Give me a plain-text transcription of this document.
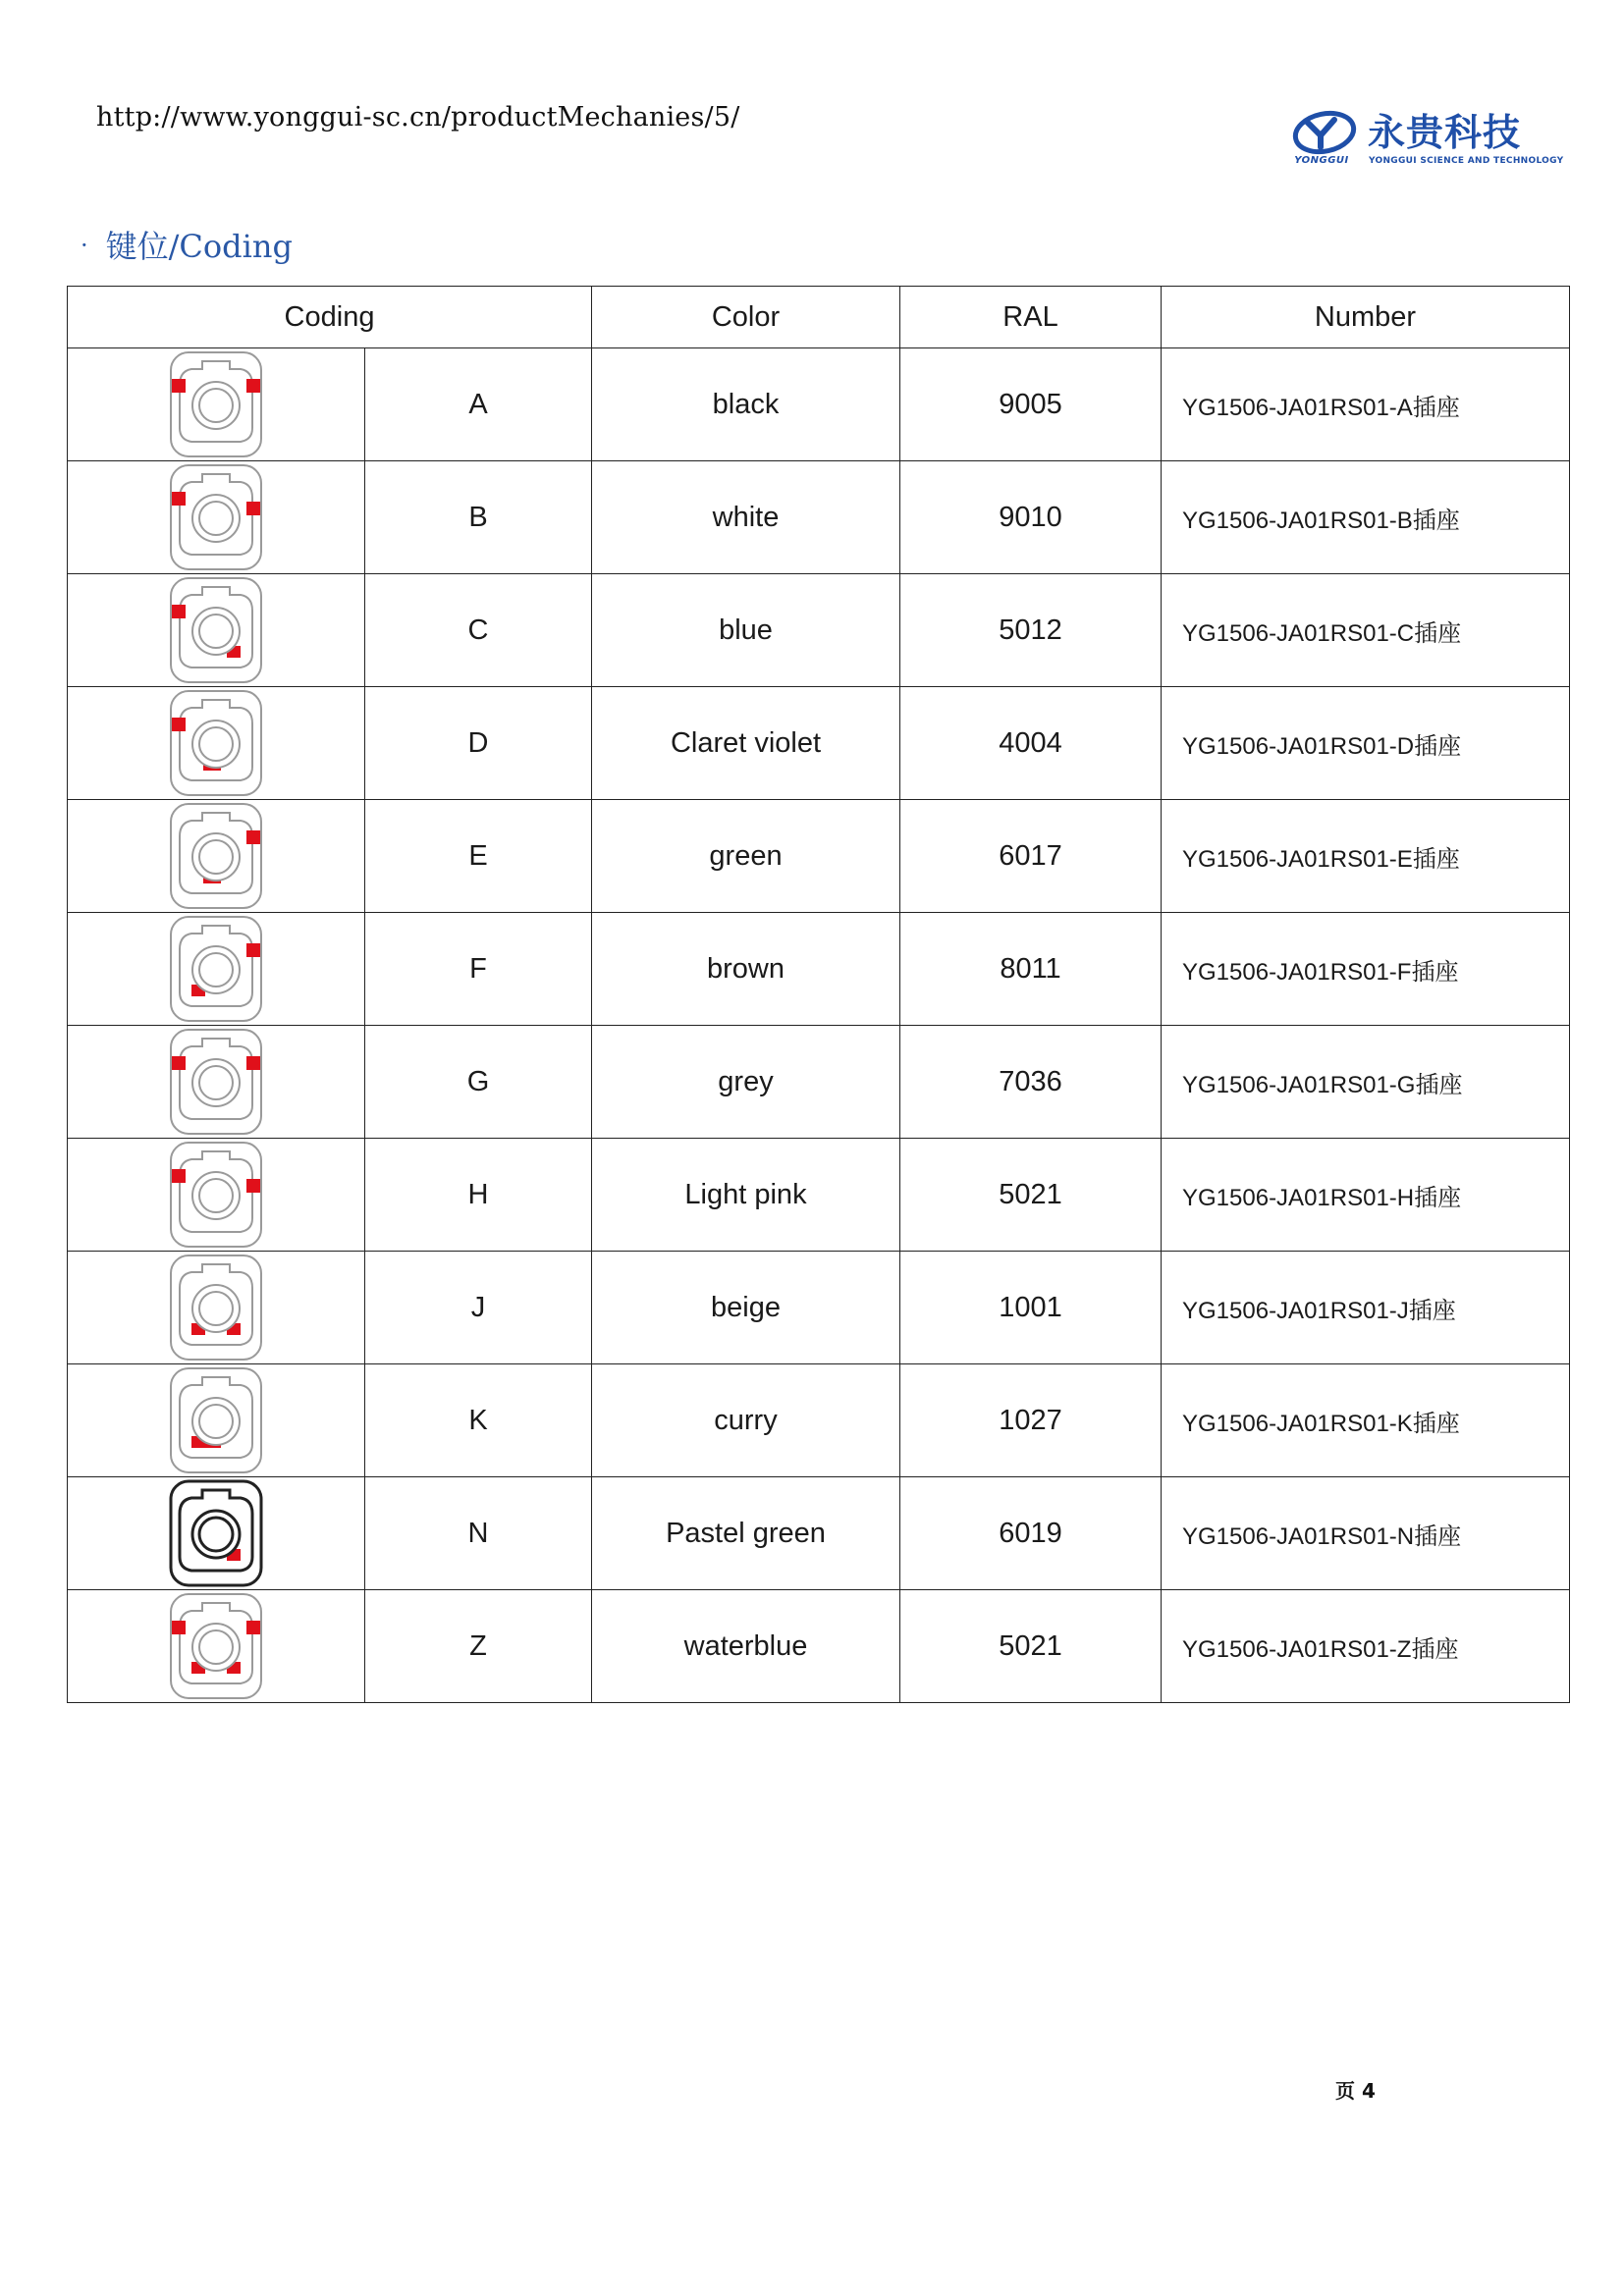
http://www.yonggui-sc.cn/productMechanies/5/
YONGGUI
永贵科技
YONGGUI SCIENCE AND TECHNOLOGY
· 键位/Coding
Coding		Color	RAL	Number

	A	black	9005	YG1506-JA01RS01-A插座

	B	white	9010	YG1506-JA01RS01-B插座

	C	blue	5012	YG1506-JA01RS01-C插座

	D	Claret violet	4004	YG1506-JA01RS01-D插座

	E	green	6017	YG1506-JA01RS01-E插座

	F	brown	8011	YG1506-JA01RS01-F插座

	G	grey	7036	YG1506-JA01RS01-G插座

	H	Light pink	5021	YG1506-JA01RS01-H插座

	J	beige	1001	YG1506-JA01RS01-J插座

	K	curry	1027	YG1506-JA01RS01-K插座

	N	Pastel green	6019	YG1506-JA01RS01-N插座

	Z	waterblue	5021	YG1506-JA01RS01-Z插座
页 4
